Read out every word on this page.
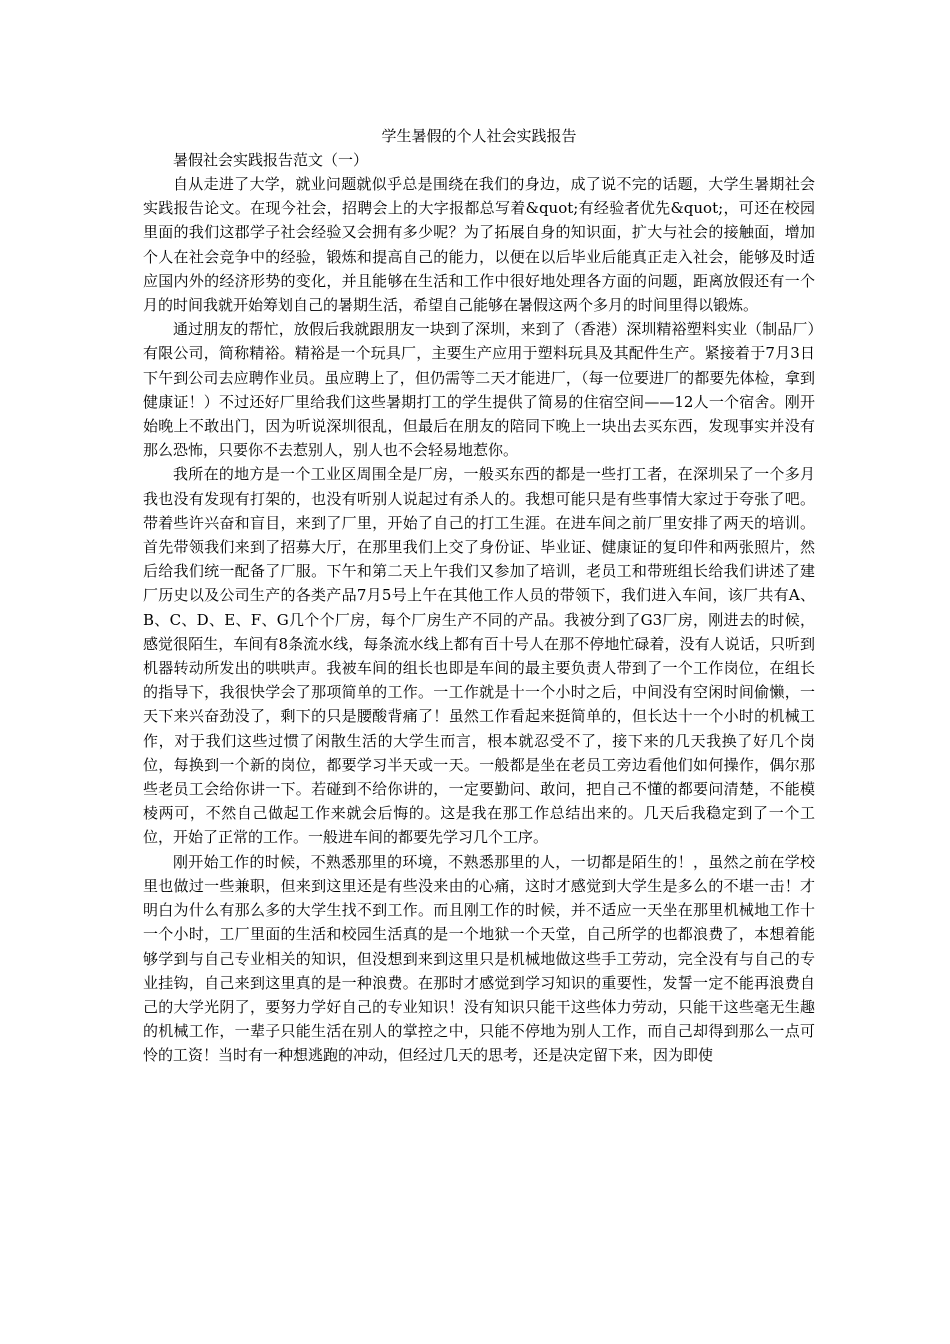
学生暑假的个人社会实践报告

暑假社会实践报告范文（一）

自从走进了大学，就业问题就似乎总是围绕在我们的身边，成了说不完的话题，大学生暑期社会实践报告论文。在现今社会，招聘会上的大字报都总写着&quot;有经验者优先&quot;，可还在校园里面的我们这郡学子社会经验又会拥有多少呢？为了拓展自身的知识面，扩大与社会的接触面，增加个人在社会竞争中的经验，锻炼和提高自己的能力，以便在以后毕业后能真正走入社会，能够及时适应国内外的经济形势的变化，并且能够在生活和工作中很好地处理各方面的问题，距离放假还有一个月的时间我就开始筹划自己的暑期生活，希望自己能够在暑假这两个多月的时间里得以锻炼。

通过朋友的帮忙，放假后我就跟朋友一块到了深圳，来到了（香港）深圳精裕塑料实业（制品厂）有限公司，简称精裕。精裕是一个玩具厂，主要生产应用于塑料玩具及其配件生产。紧接着于7月3日下午到公司去应聘作业员。虽应聘上了，但仍需等二天才能进厂，（每一位要进厂的都要先体检，拿到健康证！）不过还好厂里给我们这些暑期打工的学生提供了简易的住宿空间——12人一个宿舍。刚开始晚上不敢出门，因为听说深圳很乱，但最后在朋友的陪同下晚上一块出去买东西，发现事实并没有那么恐怖，只要你不去惹别人，别人也不会轻易地惹你。

我所在的地方是一个工业区周围全是厂房，一般买东西的都是一些打工者，在深圳呆了一个多月我也没有发现有打架的，也没有听别人说起过有杀人的。我想可能只是有些事情大家过于夸张了吧。带着些许兴奋和盲目，来到了厂里，开始了自己的打工生涯。在进车间之前厂里安排了两天的培训。首先带领我们来到了招募大厅，在那里我们上交了身份证、毕业证、健康证的复印件和两张照片，然后给我们统一配备了厂服。下午和第二天上午我们又参加了培训，老员工和带班组长给我们讲述了建厂历史以及公司生产的各类产品7月5号上午在其他工作人员的带领下，我们进入车间，该厂共有A、B、C、D、E、F、G几个个厂房，每个厂房生产不同的产品。我被分到了G3厂房，刚进去的时候，感觉很陌生，车间有8条流水线，每条流水线上都有百十号人在那不停地忙碌着，没有人说话，只听到机器转动所发出的哄哄声。我被车间的组长也即是车间的最主要负责人带到了一个工作岗位，在组长的指导下，我很快学会了那项简单的工作。一工作就是十一个小时之后，中间没有空闲时间偷懒，一天下来兴奋劲没了，剩下的只是腰酸背痛了！虽然工作看起来挺简单的，但长达十一个小时的机械工作，对于我们这些过惯了闲散生活的大学生而言，根本就忍受不了，接下来的几天我换了好几个岗位，每换到一个新的岗位，都要学习半天或一天。一般都是坐在老员工旁边看他们如何操作，偶尔那些老员工会给你讲一下。若碰到不给你讲的，一定要勤问、敢问，把自己不懂的都要问清楚，不能模棱两可，不然自己做起工作来就会后悔的。这是我在那工作总结出来的。几天后我稳定到了一个工位，开始了正常的工作。一般进车间的都要先学习几个工序。

刚开始工作的时候，不熟悉那里的环境，不熟悉那里的人，一切都是陌生的！，虽然之前在学校里也做过一些兼职，但来到这里还是有些没来由的心痛，这时才感觉到大学生是多么的不堪一击！才明白为什么有那么多的大学生找不到工作。而且刚工作的时候，并不适应一天坐在那里机械地工作十一个小时，工厂里面的生活和校园生活真的是一个地狱一个天堂，自己所学的也都浪费了，本想着能够学到与自己专业相关的知识，但没想到来到这里只是机械地做这些手工劳动，完全没有与自己的专业挂钩，自己来到这里真的是一种浪费。在那时才感觉到学习知识的重要性，发誓一定不能再浪费自己的大学光阴了，要努力学好自己的专业知识！没有知识只能干这些体力劳动，只能干这些毫无生趣的机械工作，一辈子只能生活在别人的掌控之中，只能不停地为别人工作，而自己却得到那么一点可怜的工资！当时有一种想逃跑的冲动，但经过几天的思考，还是决定留下来，因为即使
